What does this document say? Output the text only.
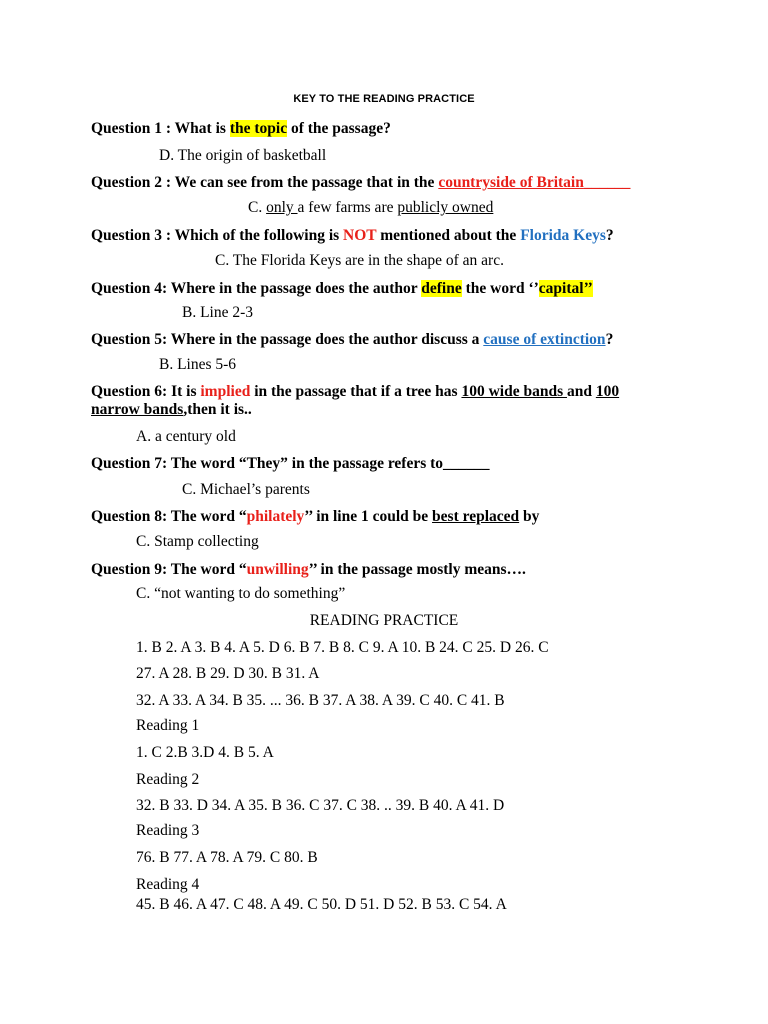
KEY TO THE READING PRACTICE
Question 1 : What is the topic of the passage?
D. The origin of basketball
Question 2 : We can see from the passage that in the countryside of Britain______
C. only a few farms are publicly owned
Question 3 : Which of the following is NOT mentioned about the Florida Keys?
C. The Florida Keys are in the shape of an arc.
Question 4: Where in the passage does the author define the word ‘’capital’’
B. Line 2-3
Question 5: Where in the passage does the author discuss a cause of extinction?
B. Lines 5-6
Question 6: It is implied in the passage that if a tree has 100 wide bands and 100
narrow bands,then it is..
A. a century old
Question 7: The word “They” in the passage refers to______
C. Michael’s parents
Question 8: The word “philately’’ in line 1 could be best replaced by
C. Stamp collecting
Question 9: The word “unwilling’’ in the passage mostly means….
C. “not wanting to do something”
READING PRACTICE
1. B 2. A 3. B 4. A 5. D 6. B 7. B 8. C 9. A 10. B 24. C 25. D 26. C
27. A 28. B 29. D 30. B 31. A
32. A 33. A 34. B 35. ... 36. B 37. A 38. A 39. C 40. C 41. B
Reading 1
1. C 2.B 3.D 4. B 5. A
Reading 2
32. B 33. D 34. A 35. B 36. C 37. C 38. .. 39. B 40. A 41. D
Reading 3
76. B 77. A 78. A 79. C 80. B
Reading 4
45. B 46. A 47. C 48. A 49. C 50. D 51. D 52. B 53. C 54. A
